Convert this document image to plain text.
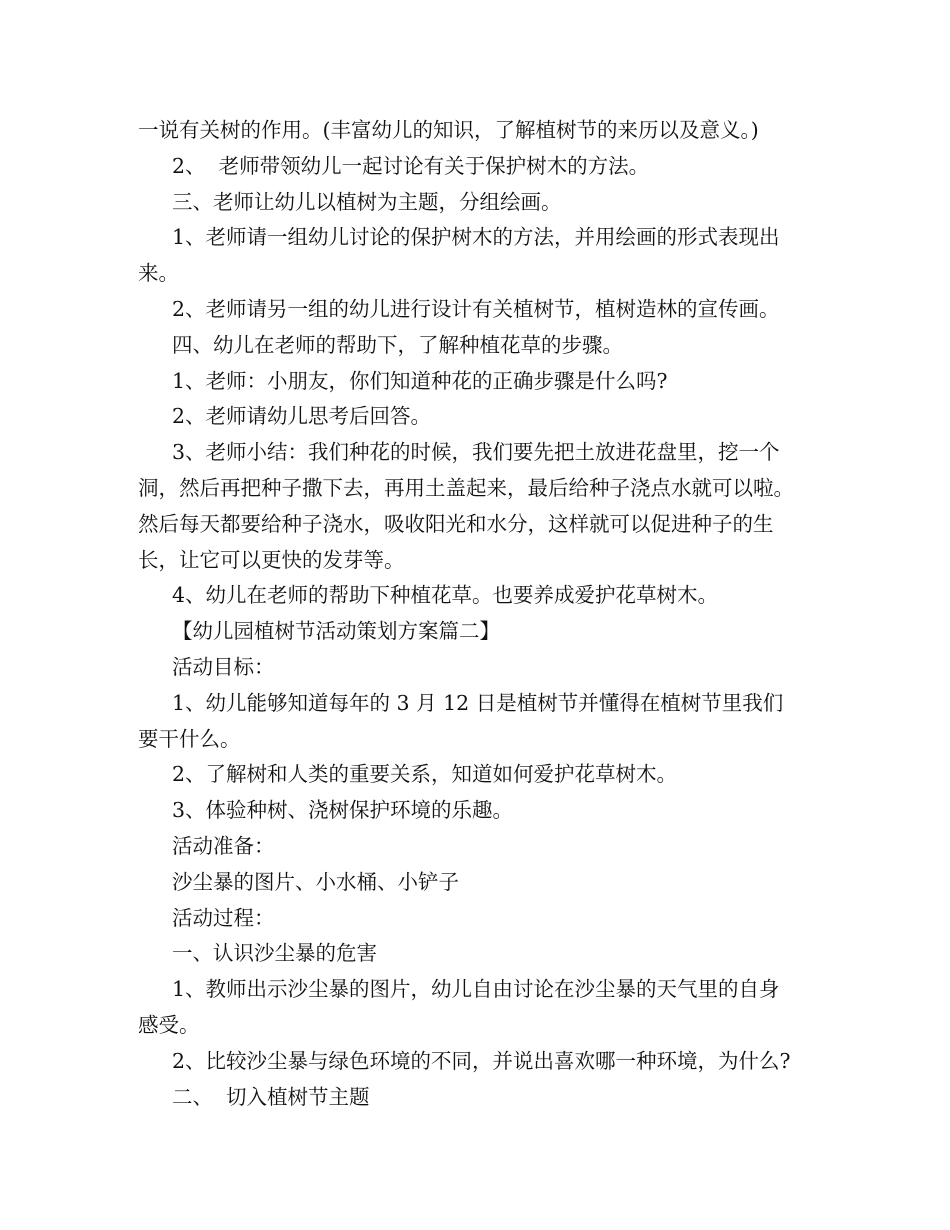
一说有关树的作用。(丰富幼儿的知识，了解植树节的来历以及意义。)

2、  老师带领幼儿一起讨论有关于保护树木的方法。

三、老师让幼儿以植树为主题，分组绘画。

1、老师请一组幼儿讨论的保护树木的方法，并用绘画的形式表现出

来。

2、老师请另一组的幼儿进行设计有关植树节，植树造林的宣传画。

四、幼儿在老师的帮助下，了解种植花草的步骤。

1、老师：小朋友，你们知道种花的正确步骤是什么吗?

2、老师请幼儿思考后回答。

3、老师小结：我们种花的时候，我们要先把土放进花盘里，挖一个

洞，然后再把种子撒下去，再用土盖起来，最后给种子浇点水就可以啦。

然后每天都要给种子浇水，吸收阳光和水分，这样就可以促进种子的生

长，让它可以更快的发芽等。

4、幼儿在老师的帮助下种植花草。也要养成爱护花草树木。

【幼儿园植树节活动策划方案篇二】

活动目标：

1、幼儿能够知道每年的 3 月 12 日是植树节并懂得在植树节里我们

要干什么。

2、了解树和人类的重要关系，知道如何爱护花草树木。

3、体验种树、浇树保护环境的乐趣。

活动准备：

沙尘暴的图片、小水桶、小铲子

活动过程：

一、认识沙尘暴的危害

1、教师出示沙尘暴的图片，幼儿自由讨论在沙尘暴的天气里的自身

感受。

2、比较沙尘暴与绿色环境的不同，并说出喜欢哪一种环境，为什么?

二、  切入植树节主题
